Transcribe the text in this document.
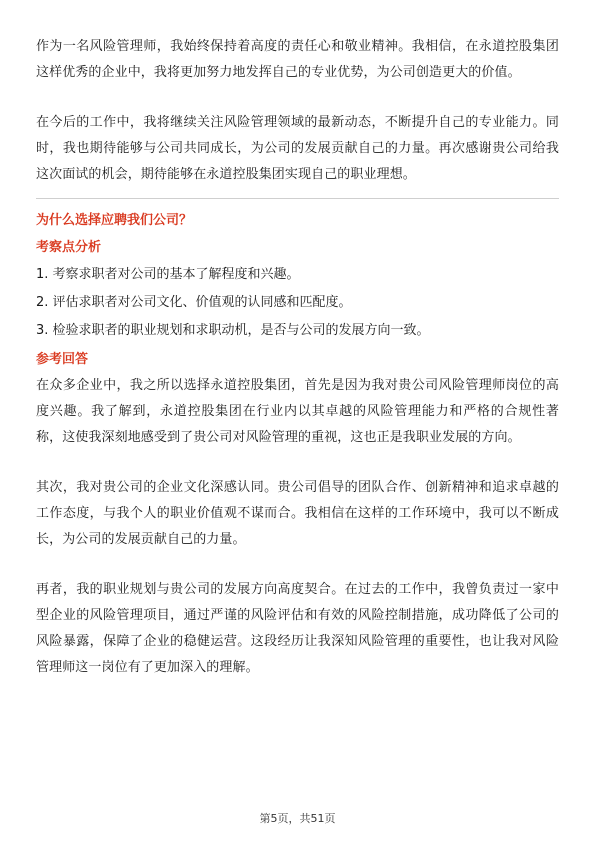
作为一名风险管理师，我始终保持着高度的责任心和敬业精神。我相信，在永道控股集团这样优秀的企业中，我将更加努力地发挥自己的专业优势，为公司创造更大的价值。

在今后的工作中，我将继续关注风险管理领域的最新动态，不断提升自己的专业能力。同时，我也期待能够与公司共同成长，为公司的发展贡献自己的力量。再次感谢贵公司给我这次面试的机会，期待能够在永道控股集团实现自己的职业理想。

为什么选择应聘我们公司？

考察点分析

1. 考察求职者对公司的基本了解程度和兴趣。

2. 评估求职者对公司文化、价值观的认同感和匹配度。

3. 检验求职者的职业规划和求职动机，是否与公司的发展方向一致。

参考回答

在众多企业中，我之所以选择永道控股集团，首先是因为我对贵公司风险管理师岗位的高度兴趣。我了解到，永道控股集团在行业内以其卓越的风险管理能力和严格的合规性著称，这使我深刻地感受到了贵公司对风险管理的重视，这也正是我职业发展的方向。

其次，我对贵公司的企业文化深感认同。贵公司倡导的团队合作、创新精神和追求卓越的工作态度，与我个人的职业价值观不谋而合。我相信在这样的工作环境中，我可以不断成长，为公司的发展贡献自己的力量。

再者，我的职业规划与贵公司的发展方向高度契合。在过去的工作中，我曾负责过一家中型企业的风险管理项目，通过严谨的风险评估和有效的风险控制措施，成功降低了公司的风险暴露，保障了企业的稳健运营。这段经历让我深知风险管理的重要性，也让我对风险管理师这一岗位有了更加深入的理解。

第5页，共51页
